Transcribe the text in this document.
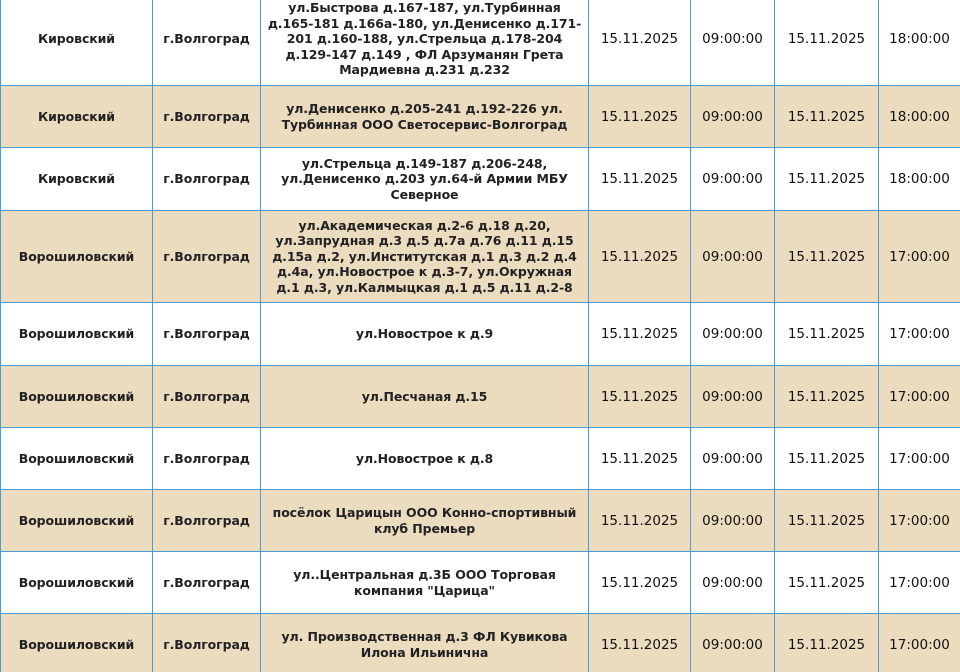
Кировский	г.Волгоград	ул.Быстрова д.167-187, ул.Турбинная д.165-181 д.166а-180, ул.Денисенко д.171-201 д.160-188, ул.Стрельца д.178-204 д.129-147 д.149 , ФЛ Арзуманян Грета Мардиевна д.231 д.232	15.11.2025	09:00:00	15.11.2025	18:00:00
Кировский	г.Волгоград	ул.Денисенко д.205-241 д.192-226 ул. Турбинная ООО Светосервис-Волгоград	15.11.2025	09:00:00	15.11.2025	18:00:00
Кировский	г.Волгоград	ул.Стрельца д.149-187 д.206-248, ул.Денисенко д.203 ул.64-й Армии МБУ Северное	15.11.2025	09:00:00	15.11.2025	18:00:00
Ворошиловский	г.Волгоград	ул.Академическая д.2-6 д.18 д.20, ул.Запрудная д.3 д.5 д.7а д.76 д.11 д.15 д.15а д.2, ул.Институтская д.1 д.3 д.2 д.4 д.4а, ул.Новострое к д.3-7, ул.Окружная д.1 д.3, ул.Калмыцкая д.1 д.5 д.11 д.2-8	15.11.2025	09:00:00	15.11.2025	17:00:00
Ворошиловский	г.Волгоград	ул.Новострое к д.9	15.11.2025	09:00:00	15.11.2025	17:00:00
Ворошиловский	г.Волгоград	ул.Песчаная д.15	15.11.2025	09:00:00	15.11.2025	17:00:00
Ворошиловский	г.Волгоград	ул.Новострое к д.8	15.11.2025	09:00:00	15.11.2025	17:00:00
Ворошиловский	г.Волгоград	посёлок Царицын ООО Конно-спортивный клуб Премьер	15.11.2025	09:00:00	15.11.2025	17:00:00
Ворошиловский	г.Волгоград	ул..Центральная д.3Б ООО Торговая компания "Царица"	15.11.2025	09:00:00	15.11.2025	17:00:00
Ворошиловский	г.Волгоград	ул. Производственная д.3 ФЛ Кувикова Илона Ильинична	15.11.2025	09:00:00	15.11.2025	17:00:00
